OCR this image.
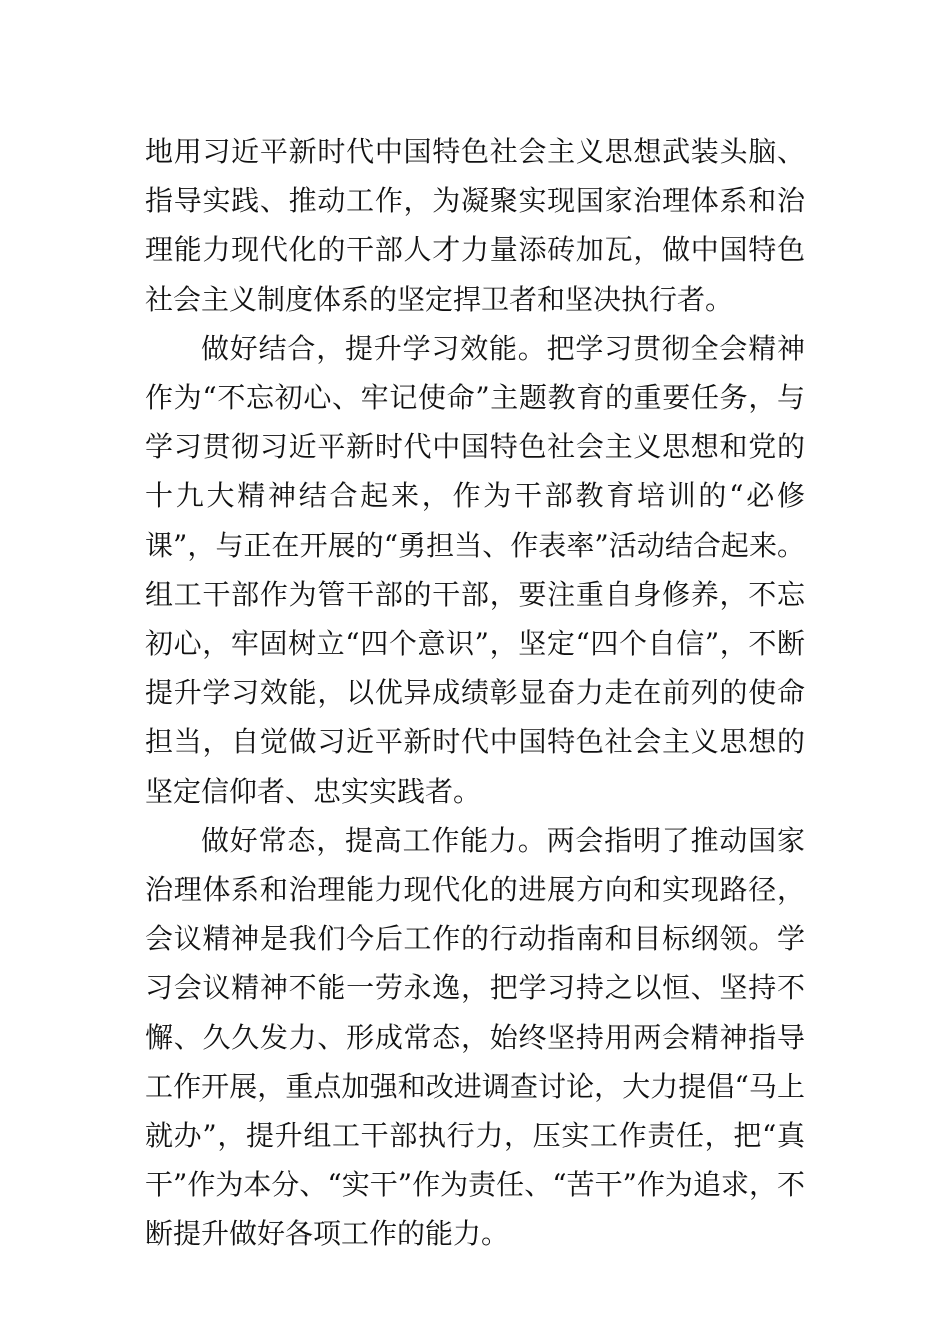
地用习近平新时代中国特色社会主义思想武装头脑、指导实践、推动工作，为凝聚实现国家治理体系和治理能力现代化的干部人才力量添砖加瓦，做中国特色社会主义制度体系的坚定捍卫者和坚决执行者。

做好结合，提升学习效能。把学习贯彻全会精神作为“不忘初心、牢记使命”主题教育的重要任务，与学习贯彻习近平新时代中国特色社会主义思想和党的十九大精神结合起来，作为干部教育培训的“必修课”，与正在开展的“勇担当、作表率”活动结合起来。组工干部作为管干部的干部，要注重自身修养，不忘初心，牢固树立“四个意识”，坚定“四个自信”，不断提升学习效能，以优异成绩彰显奋力走在前列的使命担当，自觉做习近平新时代中国特色社会主义思想的坚定信仰者、忠实实践者。

做好常态，提高工作能力。两会指明了推动国家治理体系和治理能力现代化的进展方向和实现路径，会议精神是我们今后工作的行动指南和目标纲领。学习会议精神不能一劳永逸，把学习持之以恒、坚持不懈、久久发力、形成常态，始终坚持用两会精神指导工作开展，重点加强和改进调查讨论，大力提倡“马上就办”，提升组工干部执行力，压实工作责任，把“真干”作为本分、“实干”作为责任、“苦干”作为追求，不断提升做好各项工作的能力。
